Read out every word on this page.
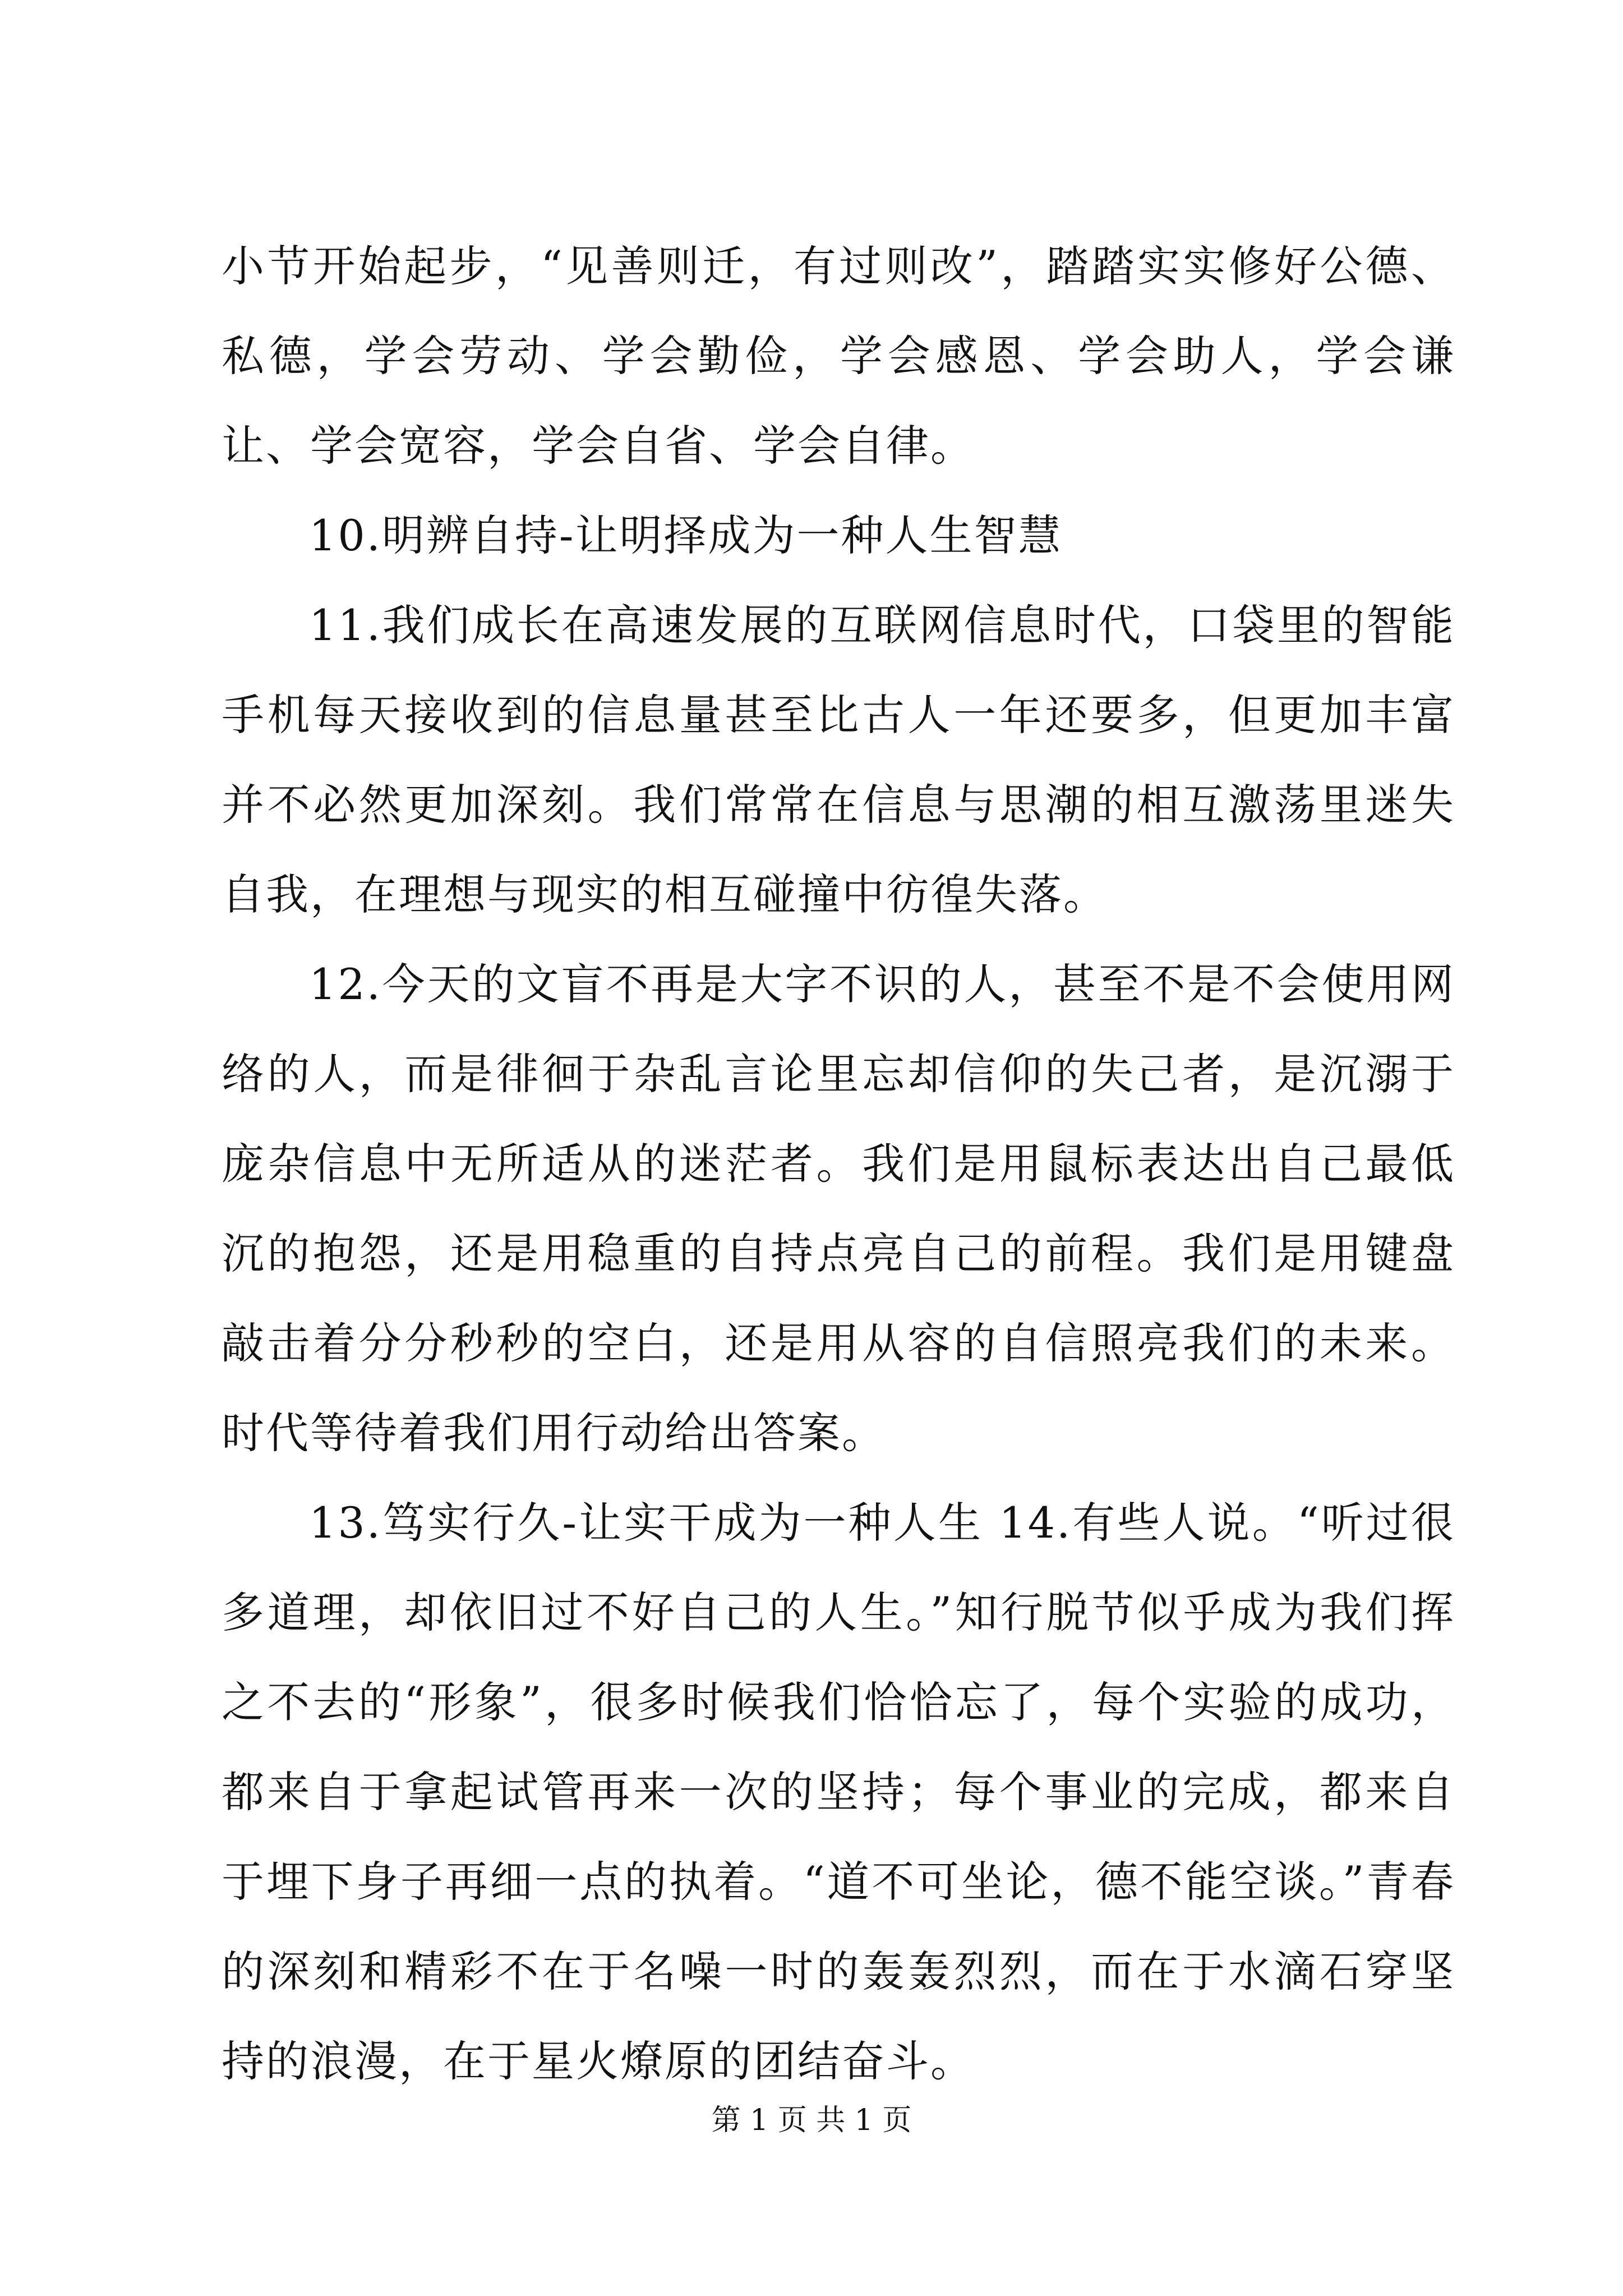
小节开始起步，“见善则迁，有过则改”，踏踏实实修好公德、私德，学会劳动、学会勤俭，学会感恩、学会助人，学会谦让、学会宽容，学会自省、学会自律。

10.明辨自持-让明择成为一种人生智慧

11.我们成长在高速发展的互联网信息时代，口袋里的智能手机每天接收到的信息量甚至比古人一年还要多，但更加丰富并不必然更加深刻。我们常常在信息与思潮的相互激荡里迷失自我，在理想与现实的相互碰撞中彷徨失落。

12.今天的文盲不再是大字不识的人，甚至不是不会使用网络的人，而是徘徊于杂乱言论里忘却信仰的失己者，是沉溺于庞杂信息中无所适从的迷茫者。我们是用鼠标表达出自己最低沉的抱怨，还是用稳重的自持点亮自己的前程。我们是用键盘敲击着分分秒秒的空白，还是用从容的自信照亮我们的未来。时代等待着我们用行动给出答案。

13.笃实行久-让实干成为一种人生 14.有些人说。“听过很多道理，却依旧过不好自己的人生。”知行脱节似乎成为我们挥之不去的“形象”，很多时候我们恰恰忘了，每个实验的成功，都来自于拿起试管再来一次的坚持；每个事业的完成，都来自于埋下身子再细一点的执着。“道不可坐论，德不能空谈。”青春的深刻和精彩不在于名噪一时的轰轰烈烈，而在于水滴石穿坚持的浪漫，在于星火燎原的团结奋斗。

第 1 页 共 1 页
